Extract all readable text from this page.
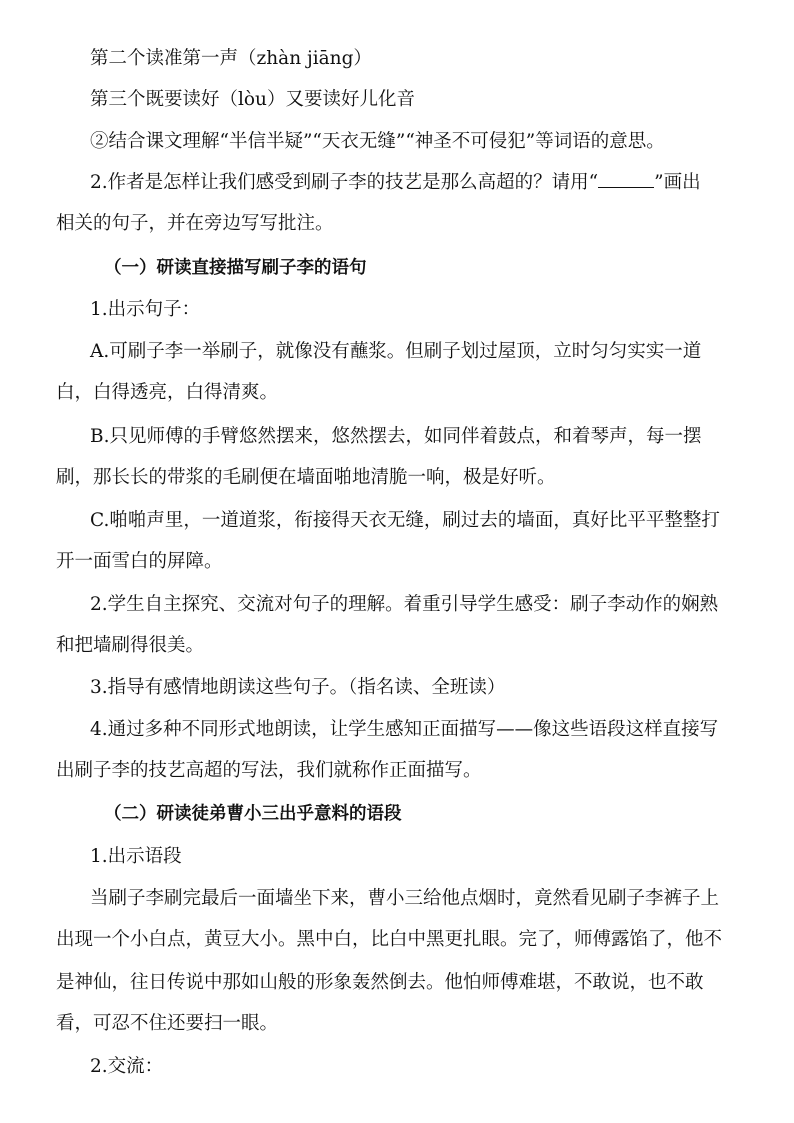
第二个读准第一声（zhàn jiāng）
第三个既要读好（lòu）又要读好儿化音
②结合课文理解“半信半疑”“天衣无缝”“神圣不可侵犯”等词语的意思。
2.作者是怎样让我们感受到刷子李的技艺是那么高超的？请用“	”画出
相关的句子，并在旁边写写批注。
（一）研读直接描写刷子李的语句
1.出示句子：
A.可刷子李一举刷子，就像没有蘸浆。但刷子划过屋顶，立时匀匀实实一道
白，白得透亮，白得清爽。
B.只见师傅的手臂悠然摆来，悠然摆去，如同伴着鼓点，和着琴声，每一摆
刷，那长长的带浆的毛刷便在墙面啪地清脆一响，极是好听。
C.啪啪声里，一道道浆，衔接得天衣无缝，刷过去的墙面，真好比平平整整打
开一面雪白的屏障。
2.学生自主探究、交流对句子的理解。着重引导学生感受：刷子李动作的娴熟
和把墙刷得很美。
3.指导有感情地朗读这些句子。（指名读、全班读）
4.通过多种不同形式地朗读，让学生感知正面描写——像这些语段这样直接写
出刷子李的技艺高超的写法，我们就称作正面描写。
（二）研读徒弟曹小三出乎意料的语段
1.出示语段
当刷子李刷完最后一面墙坐下来，曹小三给他点烟时，竟然看见刷子李裤子上
出现一个小白点，黄豆大小。黑中白，比白中黑更扎眼。完了，师傅露馅了，他不
是神仙，往日传说中那如山般的形象轰然倒去。他怕师傅难堪，不敢说，也不敢
看，可忍不住还要扫一眼。
2.交流：
